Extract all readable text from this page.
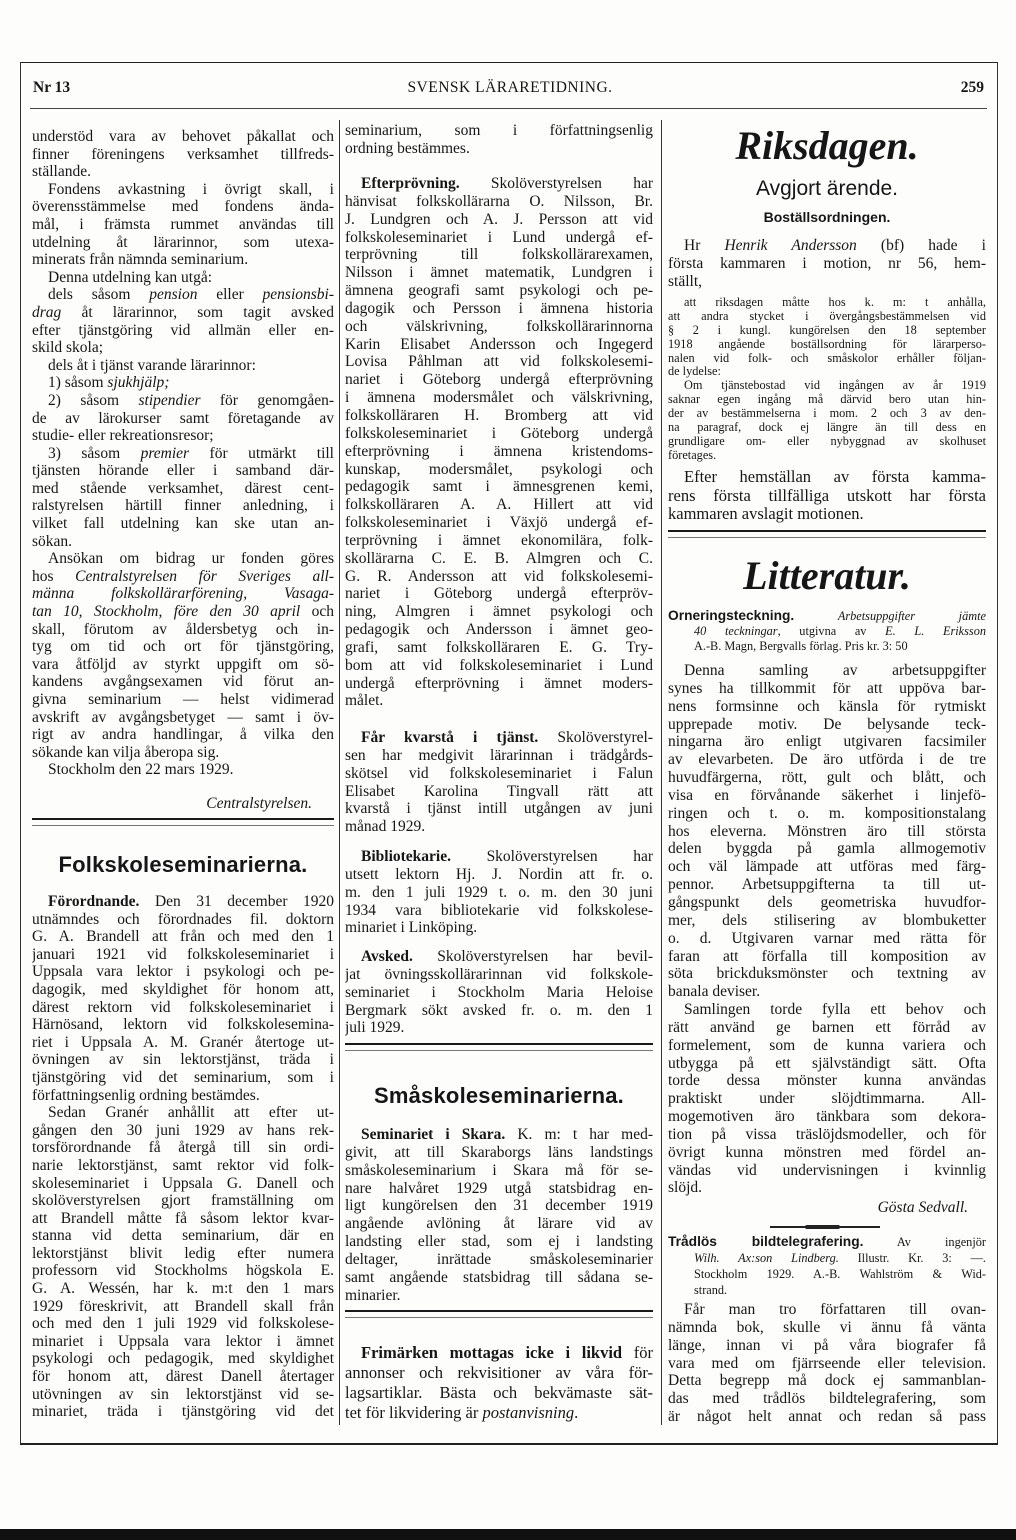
Nr 13	SVENSK LÄRARETIDNING.	259
understöd vara av behovet påkallat och
finner föreningens verksamhet tillfreds-
ställande.
Fondens avkastning i övrigt skall, i
överensstämmelse med fondens ända-
mål, i främsta rummet användas till
utdelning åt lärarinnor, som utexa-
minerats från nämnda seminarium.
Denna utdelning kan utgå:
dels såsom pension eller pensionsbi-
drag åt lärarinnor, som tagit avsked
efter tjänstgöring vid allmän eller en-
skild skola;
dels åt i tjänst varande lärarinnor:
1) såsom sjukhjälp;
2) såsom stipendier för genomgåen-
de av lärokurser samt företagande av
studie- eller rekreationsresor;
3) såsom premier för utmärkt till
tjänsten hörande eller i samband där-
med stående verksamhet, därest cent-
ralstyrelsen härtill finner anledning, i
vilket fall utdelning kan ske utan an-
sökan.
Ansökan om bidrag ur fonden göres
hos Centralstyrelsen för Sveriges all-
männa folkskollärarförening, Vasaga-
tan 10, Stockholm, före den 30 april och
skall, förutom av åldersbetyg och in-
tyg om tid och ort för tjänstgöring,
vara åtföljd av styrkt uppgift om sö-
kandens avgångsexamen vid förut an-
givna seminarium — helst vidimerad
avskrift av avgångsbetyget — samt i öv-
rigt av andra handlingar, å vilka den
sökande kan vilja åberopa sig.
Stockholm den 22 mars 1929.
Centralstyrelsen.
Folkskoleseminarierna.
Förordnande. Den 31 december 1920
utnämndes och förordnades fil. doktorn
G. A. Brandell att från och med den 1
januari 1921 vid folkskoleseminariet i
Uppsala vara lektor i psykologi och pe-
dagogik, med skyldighet för honom att,
därest rektorn vid folkskoleseminariet i
Härnösand, lektorn vid folkskolesemina-
riet i Uppsala A. M. Granér återtoge ut-
övningen av sin lektorstjänst, träda i
tjänstgöring vid det seminarium, som i
författningsenlig ordning bestämdes.
Sedan Granér anhållit att efter ut-
gången den 30 juni 1929 av hans rek-
torsförordnande få återgå till sin ordi-
narie lektorstjänst, samt rektor vid folk-
skoleseminariet i Uppsala G. Danell och
skolöverstyrelsen gjort framställning om
att Brandell måtte få såsom lektor kvar-
stanna vid detta seminarium, där en
lektorstjänst blivit ledig efter numera
professorn vid Stockholms högskola E.
G. A. Wessén, har k. m:t den 1 mars
1929 föreskrivit, att Brandell skall från
och med den 1 juli 1929 vid folkskolese-
minariet i Uppsala vara lektor i ämnet
psykologi och pedagogik, med skyldighet
för honom att, därest Danell återtager
utövningen av sin lektorstjänst vid se-
minariet, träda i tjänstgöring vid det
seminarium, som i författningsenlig
ordning bestämmes.
Efterprövning. Skolöverstyrelsen har
hänvisat folkskollärarna O. Nilsson, Br.
J. Lundgren och A. J. Persson att vid
folkskoleseminariet i Lund undergå ef-
terprövning till folkskollärarexamen,
Nilsson i ämnet matematik, Lundgren i
ämnena geografi samt psykologi och pe-
dagogik och Persson i ämnena historia
och välskrivning, folkskollärarinnorna
Karin Elisabet Andersson och Ingegerd
Lovisa Påhlman att vid folkskolesemi-
nariet i Göteborg undergå efterprövning
i ämnena modersmålet och välskrivning,
folkskolläraren H. Bromberg att vid
folkskoleseminariet i Göteborg undergå
efterprövning i ämnena kristendoms-
kunskap, modersmålet, psykologi och
pedagogik samt i ämnesgrenen kemi,
folkskolläraren A. A. Hillert att vid
folkskoleseminariet i Växjö undergå ef-
terprövning i ämnet ekonomilära, folk-
skollärarna C. E. B. Almgren och C.
G. R. Andersson att vid folkskolesemi-
nariet i Göteborg undergå efterpröv-
ning, Almgren i ämnet psykologi och
pedagogik och Andersson i ämnet geo-
grafi, samt folkskolläraren E. G. Try-
bom att vid folkskoleseminariet i Lund
undergå efterprövning i ämnet moders-
målet.
Får kvarstå i tjänst. Skolöverstyrel-
sen har medgivit lärarinnan i trädgårds-
skötsel vid folkskoleseminariet i Falun
Elisabet Karolina Tingvall rätt att
kvarstå i tjänst intill utgången av juni
månad 1929.
Bibliotekarie. Skolöverstyrelsen har
utsett lektorn Hj. J. Nordin att fr. o.
m. den 1 juli 1929 t. o. m. den 30 juni
1934 vara bibliotekarie vid folkskolese-
minariet i Linköping.
Avsked. Skolöverstyrelsen har bevil-
jat övningsskollärarinnan vid folkskole-
seminariet i Stockholm Maria Heloise
Bergmark sökt avsked fr. o. m. den 1
juli 1929.
Småskoleseminarierna.
Seminariet i Skara. K. m: t har med-
givit, att till Skaraborgs läns landstings
småskoleseminarium i Skara må för se-
nare halvåret 1929 utgå statsbidrag en-
ligt kungörelsen den 31 december 1919
angående avlöning åt lärare vid av
landsting eller stad, som ej i landsting
deltager, inrättade småskoleseminarier
samt angående statsbidrag till sådana se-
minarier.
Frimärken mottagas icke i likvid för
annonser och rekvisitioner av våra för-
lagsartiklar. Bästa och bekvämaste sät-
tet för likvidering är postanvisning.
Riksdagen.
Avgjort ärende.
Boställsordningen.
Hr Henrik Andersson (bf) hade i
första kammaren i motion, nr 56, hem-
ställt,
att riksdagen måtte hos k. m: t anhålla,
att andra stycket i övergångsbestämmelsen vid
§ 2 i kungl. kungörelsen den 18 september
1918 angående boställsordning för lärarperso-
nalen vid folk- och småskolor erhåller följan-
de lydelse:
Om tjänstebostad vid ingången av år 1919
saknar egen ingång må därvid bero utan hin-
der av bestämmelserna i mom. 2 och 3 av den-
na paragraf, dock ej längre än till dess en
grundligare om- eller nybyggnad av skolhuset
företages.
Efter hemställan av första kamma-
rens första tillfälliga utskott har första
kammaren avslagit motionen.
Litteratur.
Orneringsteckning.	Arbetsuppgifter jämte
40 teckningar, utgivna av E. L. Eriksson
A.-B. Magn, Bergvalls förlag. Pris kr. 3: 50
Denna samling av arbetsuppgifter
synes ha tillkommit för att uppöva bar-
nens formsinne och känsla för rytmiskt
upprepade motiv. De belysande teck-
ningarna äro enligt utgivaren facsimiler
av elevarbeten. De äro utförda i de tre
huvudfärgerna, rött, gult och blått, och
visa en förvånande säkerhet i linjefö-
ringen och t. o. m. kompositionstalang
hos eleverna. Mönstren äro till största
delen byggda på gamla allmogemotiv
och väl lämpade att utföras med färg-
pennor. Arbetsuppgifterna ta till ut-
gångspunkt dels geometriska huvudfor-
mer, dels stilisering av blombuketter
o. d. Utgivaren varnar med rätta för
faran att förfalla till komposition av
söta brickduksmönster och textning av
banala deviser.
Samlingen torde fylla ett behov och
rätt använd ge barnen ett förråd av
formelement, som de kunna variera och
utbygga på ett självständigt sätt. Ofta
torde dessa mönster kunna användas
praktiskt under slöjdtimmarna. All-
mogemotiven äro tänkbara som dekora-
tion på vissa träslöjdsmodeller, och för
övrigt kunna mönstren med fördel an-
vändas vid undervisningen i kvinnlig
slöjd.
Gösta Sedvall.
Trådlös bildtelegrafering. Av ingenjör
Wilh. Ax:son Lindberg. Illustr. Kr. 3: —.
Stockholm 1929. A.-B. Wahlström & Wid-
strand.
Får man tro författaren till ovan-
nämnda bok, skulle vi ännu få vänta
länge, innan vi på våra biografer få
vara med om fjärrseende eller television.
Detta begrepp må dock ej sammanblan-
das med trådlös bildtelegrafering, som
är något helt annat och redan så pass
